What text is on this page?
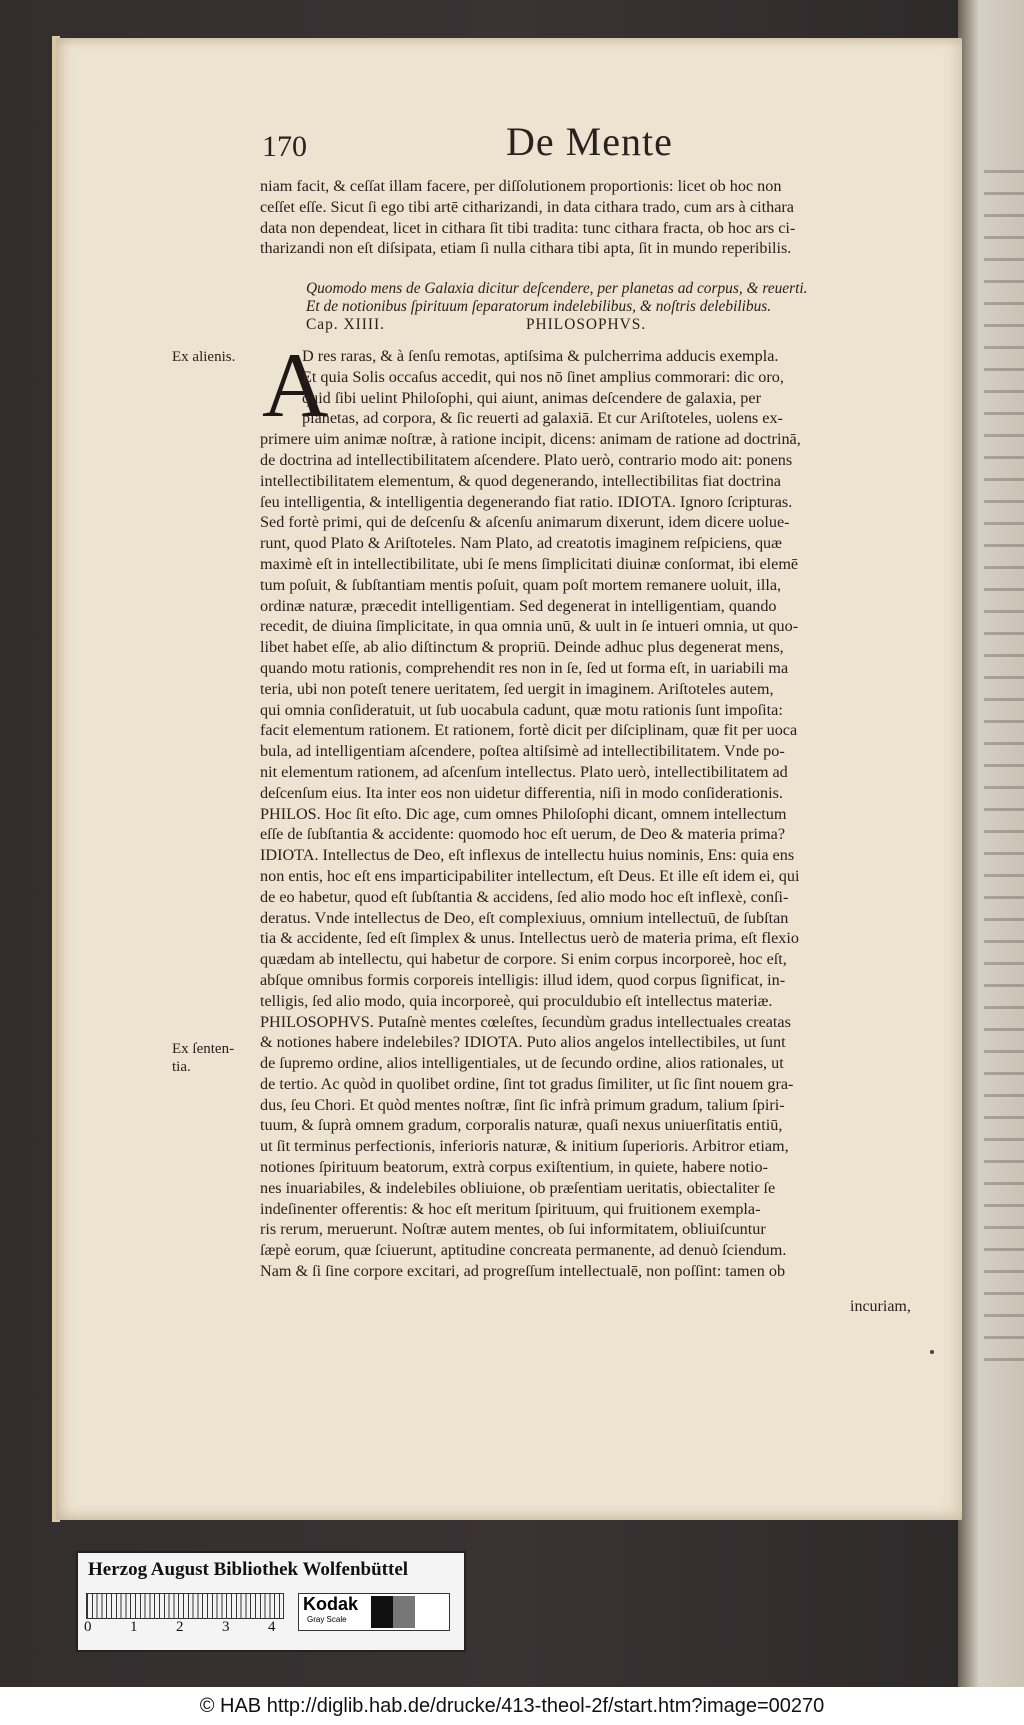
170	De Mente
niam facit, & ceſſat illam facere, per diſſolutionem proportionis: licet ob hoc non
ceſſet eſſe. Sicut ſi ego tibi artē citharizandi, in data cithara trado, cum ars à cithara
data non dependeat, licet in cithara ſit tibi tradita: tunc cithara fracta, ob hoc ars ci-
tharizandi non eſt diſsipata, etiam ſi nulla cithara tibi apta, ſit in mundo reperibilis.
Quomodo mens de Galaxia dicitur deſcendere, per planetas ad corpus, & reuerti.
Et de notionibus ſpirituum ſeparatorum indelebilibus, & noſtris delebilibus.
Cap. XIIII.	PHILOSOPHVS.
Ex alienis.
Ex ſenten-
tia.
A
D res raras, & à ſenſu remotas, aptiſsima & pulcherrima adducis exempla.
Et quia Solis occaſus accedit, qui nos nō ſinet amplius commorari: dic oro,
quid ſibi uelint Philoſophi, qui aiunt, animas deſcendere de galaxia, per
planetas, ad corpora, & ſic reuerti ad galaxiā. Et cur Ariſtoteles, uolens ex-
primere uim animæ noſtræ, à ratione incipit, dicens: animam de ratione ad doctrinā,
de doctrina ad intellectibilitatem aſcendere. Plato uerò, contrario modo ait: ponens
intellectibilitatem elementum, & quod degenerando, intellectibilitas fiat doctrina
ſeu intelligentia, & intelligentia degenerando fiat ratio. IDIOTA. Ignoro ſcripturas.
Sed fortè primi, qui de deſcenſu & aſcenſu animarum dixerunt, idem dicere uolue-
runt, quod Plato & Ariſtoteles. Nam Plato, ad creatotis imaginem reſpiciens, quæ
maximè eſt in intellectibilitate, ubi ſe mens ſimplicitati diuinæ conſormat, ibi elemē
tum poſuit, & ſubſtantiam mentis poſuit, quam poſt mortem remanere uoluit, illa,
ordinæ naturæ, præcedit intelligentiam. Sed degenerat in intelligentiam, quando
recedit, de diuina ſimplicitate, in qua omnia unū, & uult in ſe intueri omnia, ut quo-
libet habet eſſe, ab alio diſtinctum & propriū. Deinde adhuc plus degenerat mens,
quando motu rationis, comprehendit res non in ſe, ſed ut forma eſt, in uariabili ma
teria, ubi non poteſt tenere ueritatem, ſed uergit in imaginem. Ariſtoteles autem,
qui omnia conſideratuit, ut ſub uocabula cadunt, quæ motu rationis ſunt impoſita:
facit elementum rationem. Et rationem, fortè dicit per diſciplinam, quæ fit per uoca
bula, ad intelligentiam aſcendere, poſtea altiſsimè ad intellectibilitatem. Vnde po-
nit elementum rationem, ad aſcenſum intellectus. Plato uerò, intellectibilitatem ad
deſcenſum eius. Ita inter eos non uidetur differentia, niſi in modo conſiderationis.
PHILOS. Hoc ſit eſto. Dic age, cum omnes Philoſophi dicant, omnem intellectum
eſſe de ſubſtantia & accidente: quomodo hoc eſt uerum, de Deo & materia prima?
IDIOTA. Intellectus de Deo, eſt inflexus de intellectu huius nominis, Ens: quia ens
non entis, hoc eſt ens imparticipabiliter intellectum, eſt Deus. Et ille eſt idem ei, qui
de eo habetur, quod eſt ſubſtantia & accidens, ſed alio modo hoc eſt inflexè, conſi-
deratus. Vnde intellectus de Deo, eſt complexiuus, omnium intellectuū, de ſubſtan
tia & accidente, ſed eſt ſimplex & unus. Intellectus uerò de materia prima, eſt flexio
quædam ab intellectu, qui habetur de corpore. Si enim corpus incorporeè, hoc eſt,
abſque omnibus formis corporeis intelligis: illud idem, quod corpus ſignificat, in-
telligis, ſed alio modo, quia incorporeè, qui proculdubio eſt intellectus materiæ.
PHILOSOPHVS. Putaſnè mentes cœleſtes, ſecundùm gradus intellectuales creatas
& notiones habere indelebiles? IDIOTA. Puto alios angelos intellectibiles, ut ſunt
de ſupremo ordine, alios intelligentiales, ut de ſecundo ordine, alios rationales, ut
de tertio. Ac quòd in quolibet ordine, ſint tot gradus ſimiliter, ut ſic ſint nouem gra-
dus, ſeu Chori. Et quòd mentes noſtræ, ſint ſic infrà primum gradum, talium ſpiri-
tuum, & ſuprà omnem gradum, corporalis naturæ, quaſi nexus uniuerſitatis entiū,
ut ſit terminus perfectionis, inferioris naturæ, & initium ſuperioris. Arbitror etiam,
notiones ſpirituum beatorum, extrà corpus exiſtentium, in quiete, habere notio-
nes inuariabiles, & indelebiles obliuione, ob præſentiam ueritatis, obiectaliter ſe
indeſinenter offerentis: & hoc eſt meritum ſpirituum, qui fruitionem exempla-
ris rerum, meruerunt. Noſtræ autem mentes, ob ſui informitatem, obliuiſcuntur
ſæpè eorum, quæ ſciuerunt, aptitudine concreata permanente, ad denuò ſciendum.
Nam & ſi ſine corpore excitari, ad progreſſum intellectualē, non poſſint: tamen ob
incuriam,
Herzog August Bibliothek Wolfenbüttel
0	1	2	3	4
Kodak
Gray Scale
© HAB http://diglib.hab.de/drucke/413-theol-2f/start.htm?image=00270
